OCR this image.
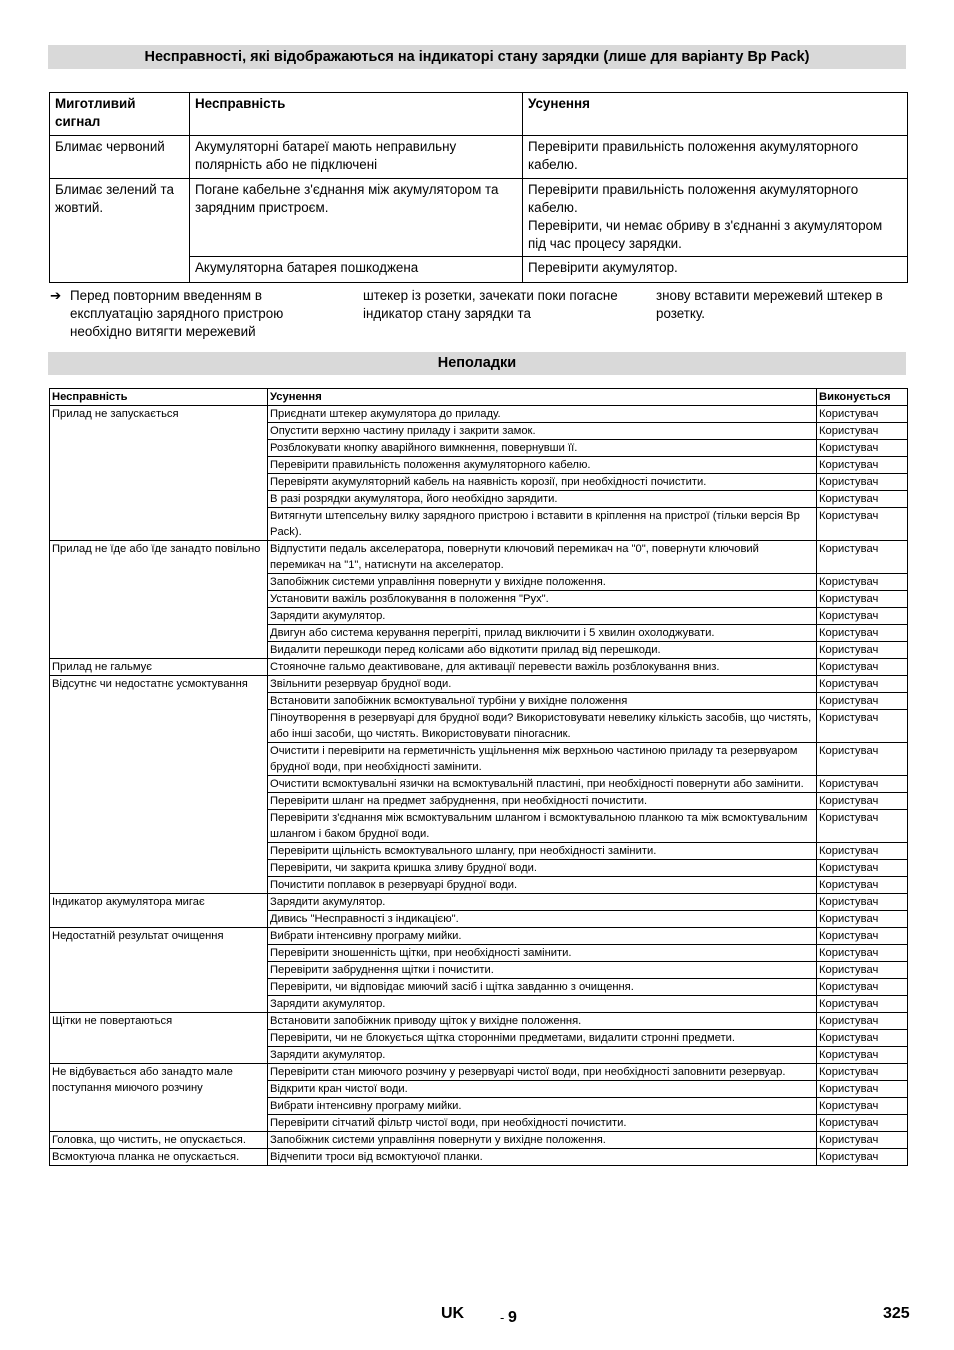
Несправності, які відображаються на індикаторі стану зарядки (лише для варіанту Bp Pack)
Миготливий сигнал	Несправність	Усунення
Блимає червоний	Акумуляторні батареї мають неправильну полярність або не підключені	Перевірити правильність положення акумуляторного кабелю.
Блимає зелений та жовтий.	Погане кабельне з'єднання між акумулятором та зарядним пристроєм.	Перевірити правильність положення акумуляторного кабелю.
Перевірити, чи немає обриву в з'єднанні з акумулятором під час процесу зарядки.
	Акумуляторна батарея пошкоджена	Перевірити акумулятор.
➔ Перед повторним введенням в експлуатацію зарядного пристрою необхідно витягти мережевий
штекер із розетки, зачекати поки погасне індикатор стану зарядки та
знову вставити мережевий штекер в розетку.
Неполадки
Несправність	Усунення	Виконується
Прилад не запускається	Приєднати штекер акумулятора до приладу.	Користувач
	Опустити верхню частину приладу і закрити замок.	Користувач
	Розблокувати кнопку аварійного вимкнення, повернувши її.	Користувач
	Перевірити правильність положення акумуляторного кабелю.	Користувач
	Перевіряти акумуляторний кабель на наявність корозії, при необхідності почистити.	Користувач
	В разі розрядки акумулятора, його необхідно зарядити.	Користувач
	Витягнути штепсельну вилку зарядного пристрою і вставити в кріплення на пристрої (тільки версія Bp Pack).	Користувач
Прилад не їде або їде занадто повільно	Відпустити педаль акселератора, повернути ключовий перемикач на "0", повернути ключовий перемикач на "1", натиснути на акселератор.	Користувач
	Запобіжник системи управління повернути у вихідне положення.	Користувач
	Установити важіль розблокування в положення "Рух".	Користувач
	Зарядити акумулятор.	Користувач
	Двигун або система керування перегріті, прилад виключити і 5 хвилин охолоджувати.	Користувач
	Видалити перешкоди перед колісами або відкотити прилад від перешкоди.	Користувач
Прилад не гальмує	Стояночне гальмо деактивоване, для активації перевести важіль розблокування вниз.	Користувач
Відсутнє чи недостатнє усмоктування	Звільнити резервуар брудної води.	Користувач
	Встановити запобіжник всмоктувальної турбіни у вихідне положення	Користувач
	Піноутворення в резервуарі для брудної води? Використовувати невелику кількість засобів, що чистять, або інші засоби, що чистять. Використовувати піногасник.	Користувач
	Очистити і перевірити на герметичність ущільнення між верхньою частиною приладу та резервуаром брудної води, при необхідності замінити.	Користувач
	Очистити всмоктувальні язички на всмоктувальній пластині, при необхідності повернути або замінити.	Користувач
	Перевірити шланг на предмет забруднення, при необхідності почистити.	Користувач
	Перевірити з'єднання між всмоктувальним шлангом і всмоктувальною планкою та між всмоктувальним шлангом і баком брудної води.	Користувач
	Перевірити щільність всмоктувального шлангу, при необхідності замінити.	Користувач
	Перевірити, чи закрита кришка зливу брудної води.	Користувач
	Почистити поплавок в резервуарі брудної води.	Користувач
Індикатор акумулятора мигає	Зарядити акумулятор.	Користувач
	Дивись "Несправності з індикацією".	Користувач
Недостатній результат очищення	Вибрати інтенсивну програму мийки.	Користувач
	Перевірити зношенність щітки, при необхідності замінити.	Користувач
	Перевірити забруднення щітки і почистити.	Користувач
	Перевірити, чи відповідає миючий засіб і щітка завданню з очищення.	Користувач
	Зарядити акумулятор.	Користувач
Щітки не повертаються	Встановити запобіжник приводу щіток у вихідне положення.	Користувач
	Перевірити, чи не блокується щітка сторонніми предметами, видалити стронні предмети.	Користувач
	Зарядити акумулятор.	Користувач
Не відбувається або занадто мале поступання миючого розчину	Перевірити стан миючого розчину у резервуарі чистої води, при необхідності заповнити резервуар.	Користувач
	Відкрити кран чистої води.	Користувач
	Вибрати інтенсивну програму мийки.	Користувач
	Перевірити сітчатий фільтр чистої води, при необхідності почистити.	Користувач
Головка, що чистить, не опускається.	Запобіжник системи управління повернути у вихідне положення.	Користувач
Всмоктуюча планка не опускається.	Відчепити троси від всмоктуючої планки.	Користувач
UK	- 9	325
